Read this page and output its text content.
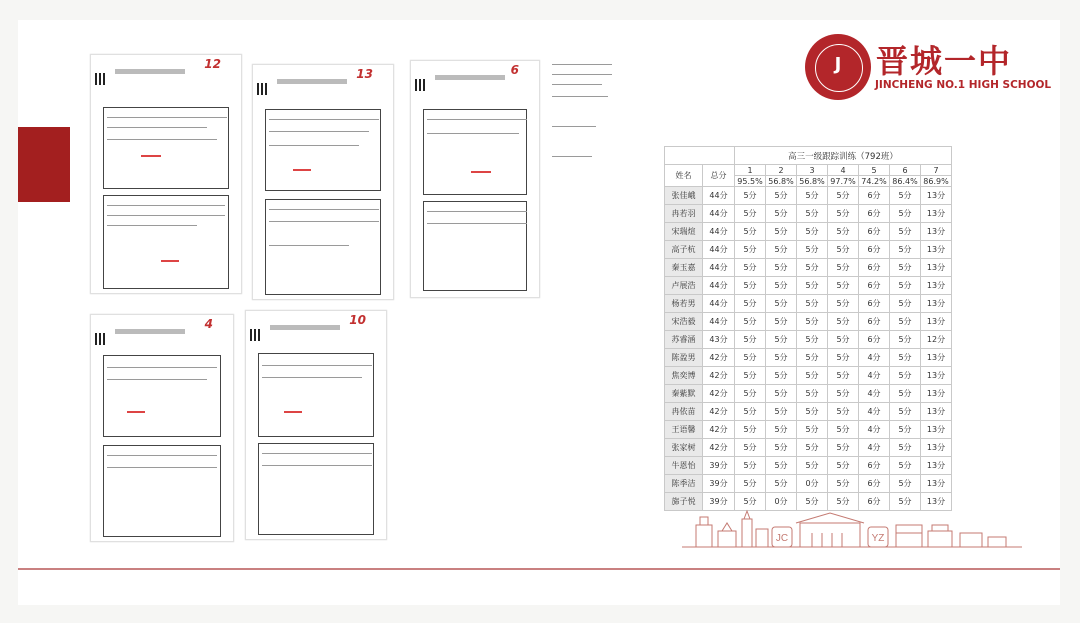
12
13	6
4	10
J	晋城一中
JINCHENG NO.1 HIGH SCHOOL
		高三一级跟踪训练（792班）						
姓名	总分	1	2	3	4	5	6	7
		95.5%	56.8%	56.8%	97.7%	74.2%	86.4%	86.9%
张佳峨	44分	5分	5分	5分	5分	6分	5分	13分
冉若羽	44分	5分	5分	5分	5分	6分	5分	13分
宋瑞煊	44分	5分	5分	5分	5分	6分	5分	13分
高子杭	44分	5分	5分	5分	5分	6分	5分	13分
秦玉嘉	44分	5分	5分	5分	5分	6分	5分	13分
卢展浩	44分	5分	5分	5分	5分	6分	5分	13分
杨若男	44分	5分	5分	5分	5分	6分	5分	13分
宋浩毅	44分	5分	5分	5分	5分	6分	5分	13分
苏睿涵	43分	5分	5分	5分	5分	6分	5分	12分
陈盈男	42分	5分	5分	5分	5分	4分	5分	13分
焦奕博	42分	5分	5分	5分	5分	4分	5分	13分
秦紫默	42分	5分	5分	5分	5分	4分	5分	13分
冉依苗	42分	5分	5分	5分	5分	4分	5分	13分
王语馨	42分	5分	5分	5分	5分	4分	5分	13分
张家树	42分	5分	5分	5分	5分	4分	5分	13分
牛恩怡	39分	5分	5分	5分	5分	6分	5分	13分
陈季洁	39分	5分	5分	0分	5分	6分	5分	13分
旆子悦	39分	5分	0分	5分	5分	6分	5分	13分
JC	YZ
